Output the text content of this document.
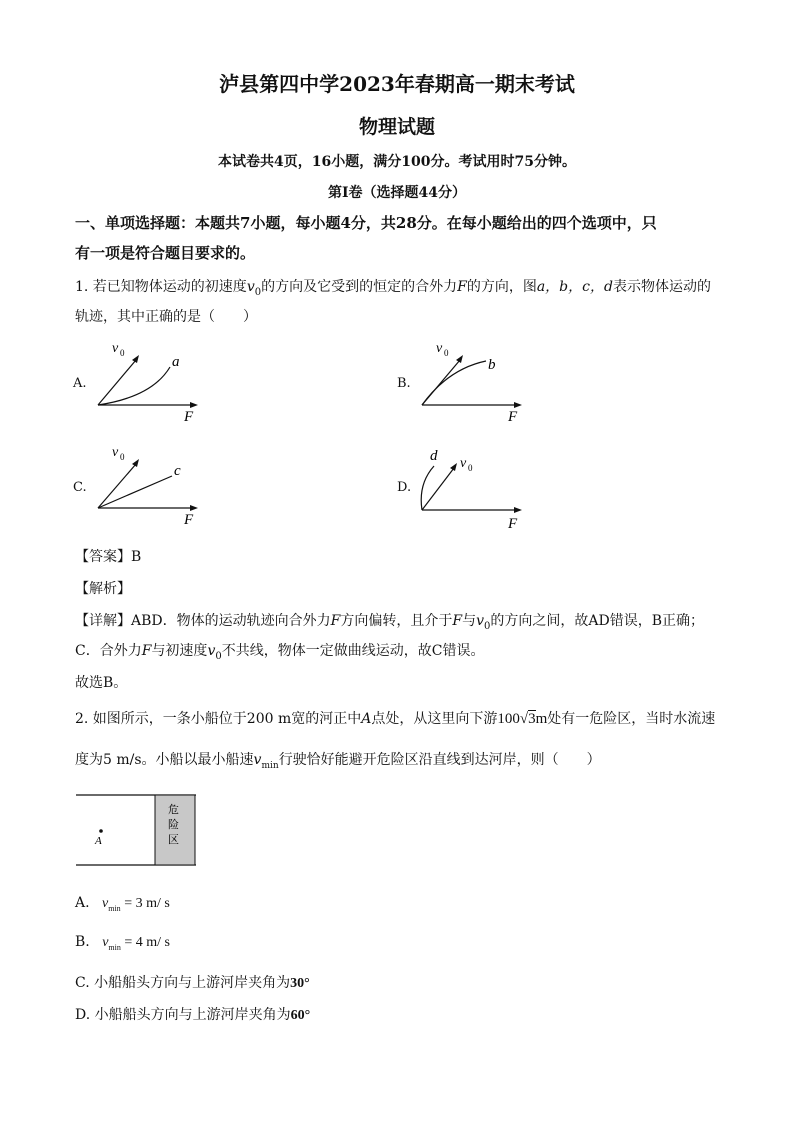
泸县第四中学2023年春期高一期末考试
物理试题
本试卷共4页，16小题，满分100分。考试用时75分钟。
第I卷（选择题44分）
一、单项选择题：本题共7小题，每小题4分，共28分。在每小题给出的四个选项中，只
有一项是符合题目要求的。
1. 若已知物体运动的初速度$v_0$的方向及它受到的恒定的合外力F的方向，图a，b，c，d表示物体运动的
轨迹，其中正确的是（　　）
A.	B.
C.	D.
v 0
a
F
v 0
b
F
v 0
c
F
d v 0
F
【答案】B
【解析】
【详解】ABD．物体的运动轨迹向合外力F方向偏转，且介于F与$v_0$的方向之间，故AD错误，B正确；
C．合外力F与初速度$v_0$不共线，物体一定做曲线运动，故C错误。
故选B。
2. 如图所示，一条小船位于200 m宽的河正中A点处，从这里向下游100√3m处有一危险区，当时水流速
度为5 m/s。小船以最小船速$v_{min}$行驶恰好能避开危险区沿直线到达河岸，则（　　）
危
险
区
A
A. $v_{min} = 3$ m/ s
B. $v_{min} = 4$ m/ s
C. 小船船头方向与上游河岸夹角为30°
D. 小船船头方向与上游河岸夹角为60°
